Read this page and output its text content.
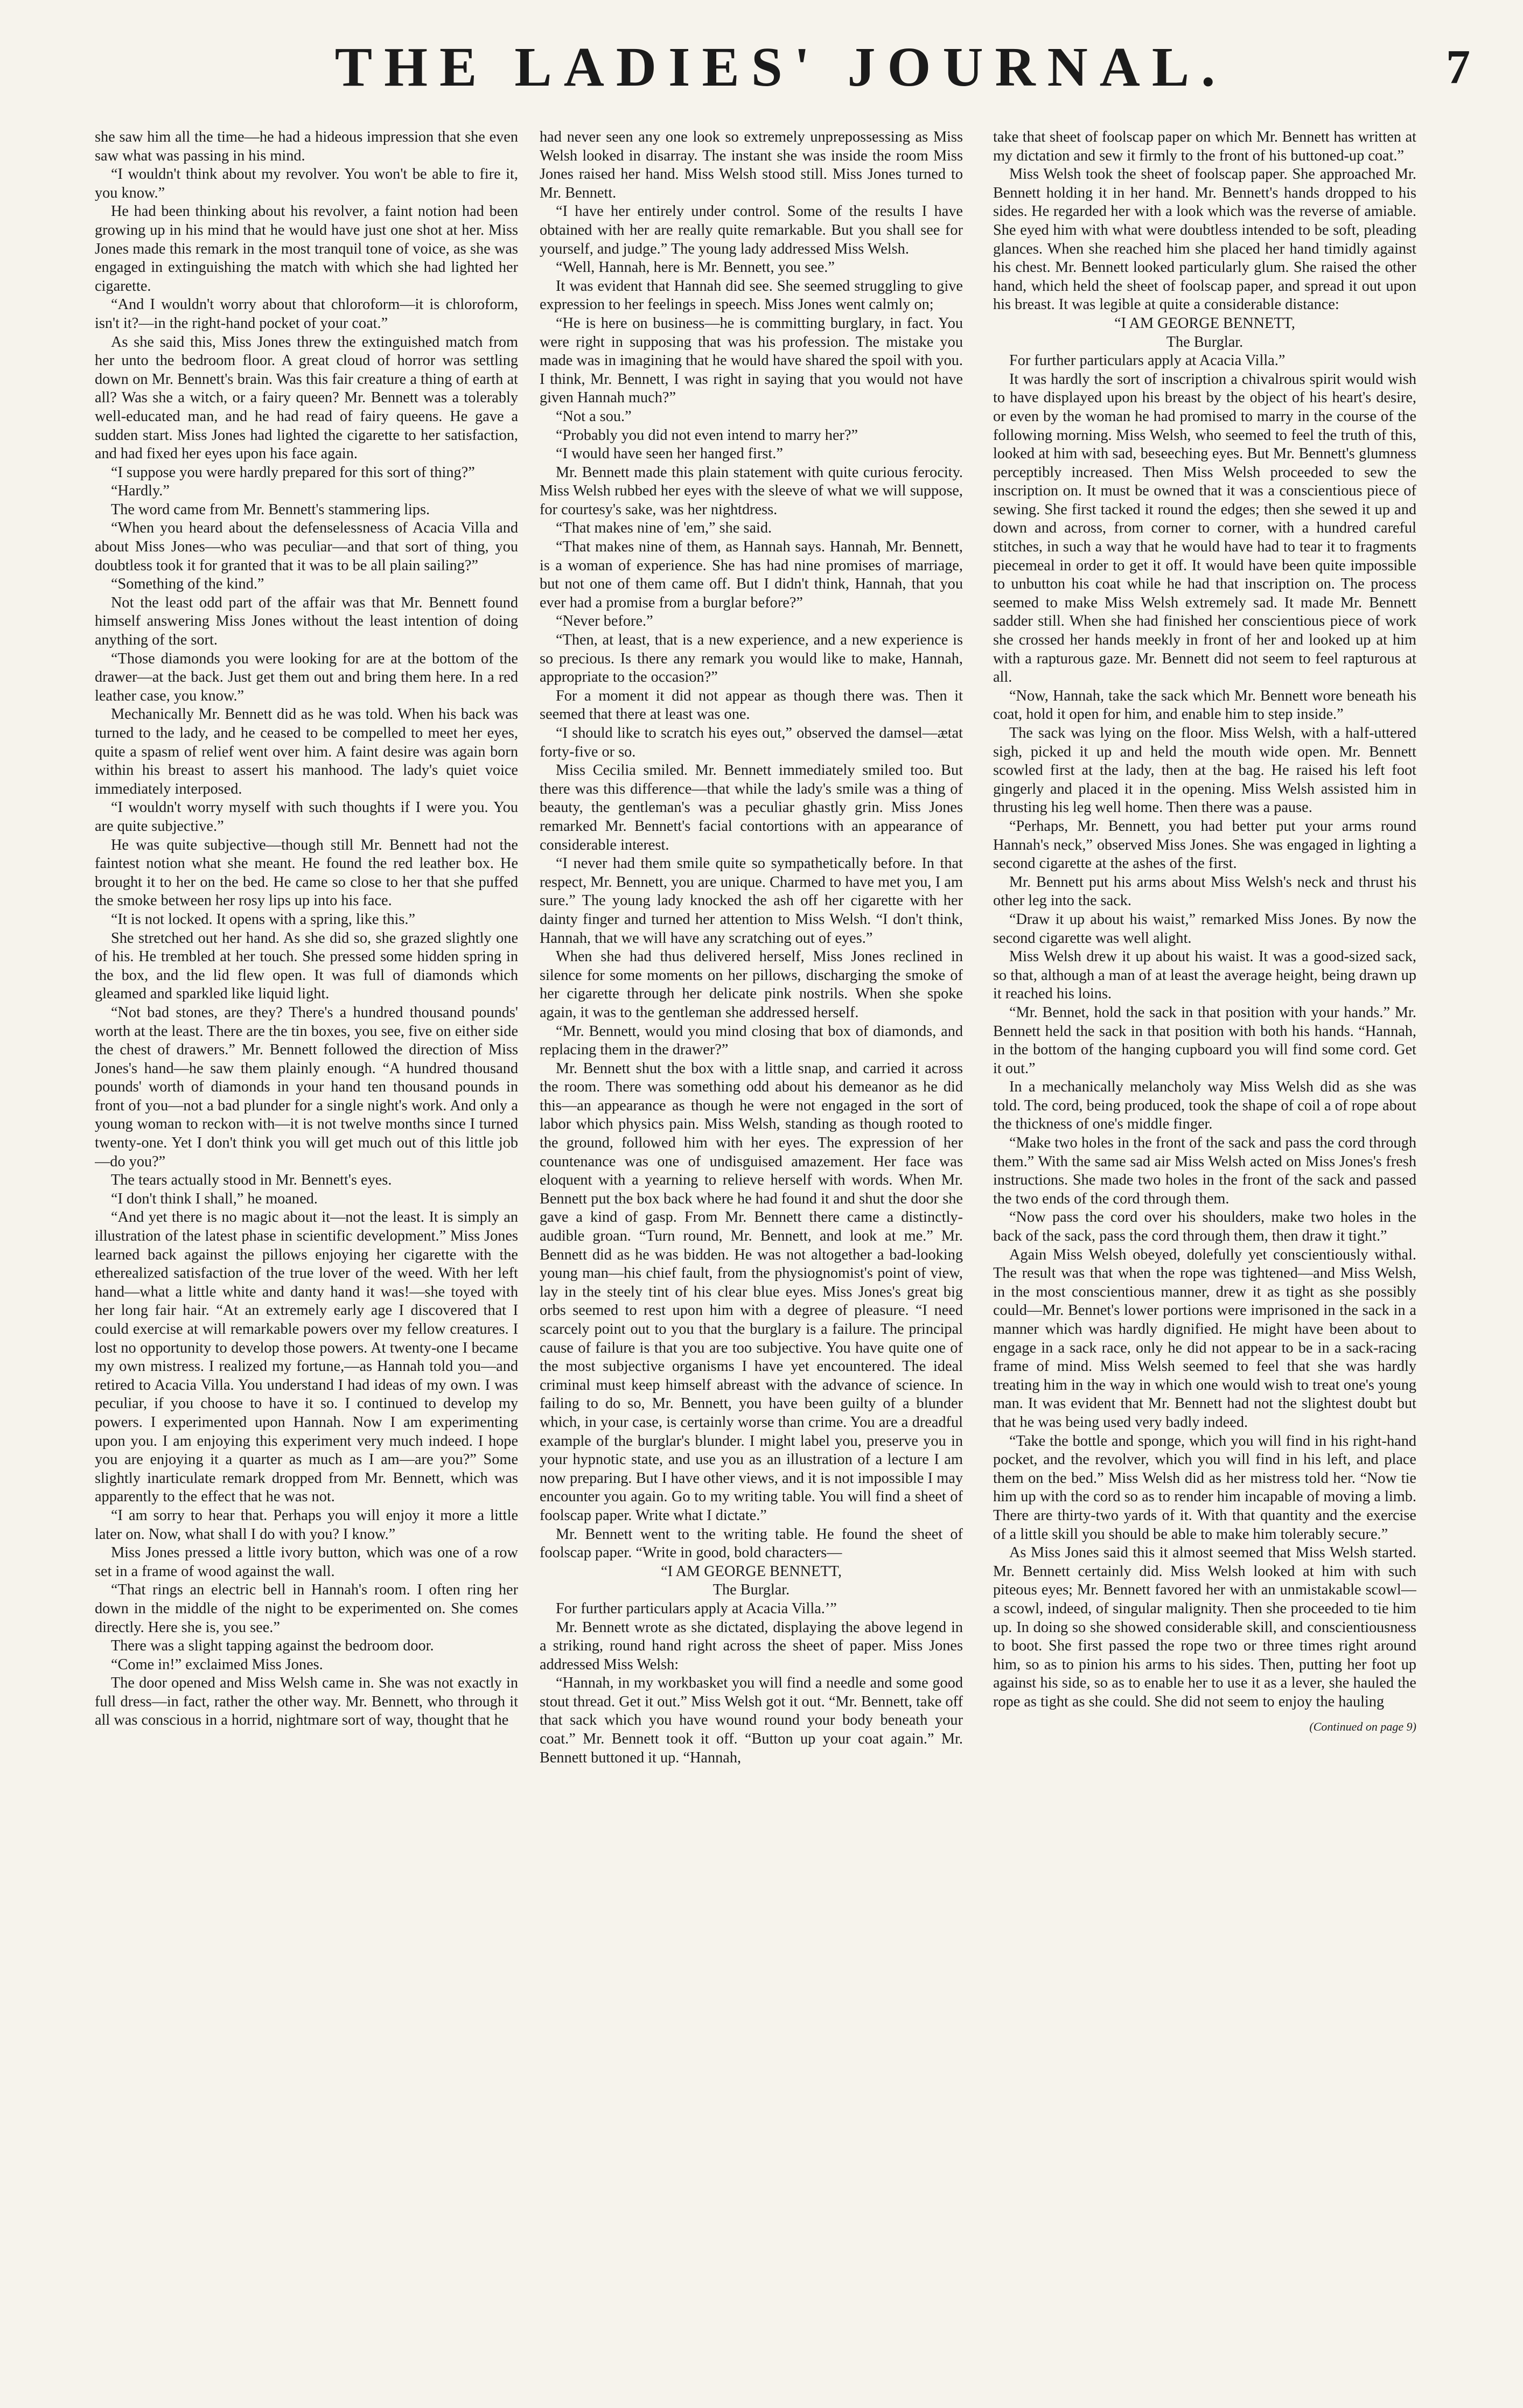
THE LADIES' JOURNAL.	7

she saw him all the time—he had a hideous impression that she even saw what was passing in his mind.

“I wouldn't think about my revolver. You won't be able to fire it, you know.”

He had been thinking about his revolver, a faint notion had been growing up in his mind that he would have just one shot at her. Miss Jones made this remark in the most tranquil tone of voice, as she was engaged in extinguishing the match with which she had lighted her cigarette.

“And I wouldn't worry about that chloroform—it is chloroform, isn't it?—in the right-hand pocket of your coat.”

As she said this, Miss Jones threw the extinguished match from her unto the bedroom floor. A great cloud of horror was settling down on Mr. Bennett's brain. Was this fair creature a thing of earth at all? Was she a witch, or a fairy queen? Mr. Bennett was a tolerably well-educated man, and he had read of fairy queens. He gave a sudden start. Miss Jones had lighted the cigarette to her satisfaction, and had fixed her eyes upon his face again.

“I suppose you were hardly prepared for this sort of thing?”

“Hardly.”

The word came from Mr. Bennett's stammering lips.

“When you heard about the defenselessness of Acacia Villa and about Miss Jones—who was peculiar—and that sort of thing, you doubtless took it for granted that it was to be all plain sailing?”

“Something of the kind.”

Not the least odd part of the affair was that Mr. Bennett found himself answering Miss Jones without the least intention of doing anything of the sort.

“Those diamonds you were looking for are at the bottom of the drawer—at the back. Just get them out and bring them here. In a red leather case, you know.”

Mechanically Mr. Bennett did as he was told. When his back was turned to the lady, and he ceased to be compelled to meet her eyes, quite a spasm of relief went over him. A faint desire was again born within his breast to assert his manhood. The lady's quiet voice immediately interposed.

“I wouldn't worry myself with such thoughts if I were you. You are quite subjective.”

He was quite subjective—though still Mr. Bennett had not the faintest notion what she meant. He found the red leather box. He brought it to her on the bed. He came so close to her that she puffed the smoke between her rosy lips up into his face.

“It is not locked. It opens with a spring, like this.”

She stretched out her hand. As she did so, she grazed slightly one of his. He trembled at her touch. She pressed some hidden spring in the box, and the lid flew open. It was full of diamonds which gleamed and sparkled like liquid light.

“Not bad stones, are they? There's a hundred thousand pounds' worth at the least. There are the tin boxes, you see, five on either side the chest of drawers.” Mr. Bennett followed the direction of Miss Jones's hand—he saw them plainly enough. “A hundred thousand pounds' worth of diamonds in your hand ten thousand pounds in front of you—not a bad plunder for a single night's work. And only a young woman to reckon with—it is not twelve months since I turned twenty-one. Yet I don't think you will get much out of this little job—do you?”

The tears actually stood in Mr. Bennett's eyes.

“I don't think I shall,” he moaned.

“And yet there is no magic about it—not the least. It is simply an illustration of the latest phase in scientific development.” Miss Jones learned back against the pillows enjoying her cigarette with the etherealized satisfaction of the true lover of the weed. With her left hand—what a little white and danty hand it was!—she toyed with her long fair hair. “At an extremely early age I discovered that I could exercise at will remarkable powers over my fellow creatures. I lost no opportunity to develop those powers. At twenty-one I became my own mistress. I realized my fortune,—as Hannah told you—and retired to Acacia Villa. You understand I had ideas of my own. I was peculiar, if you choose to have it so. I continued to develop my powers. I experimented upon Hannah. Now I am experimenting upon you. I am enjoying this experiment very much indeed. I hope you are enjoying it a quarter as much as I am—are you?” Some slightly inarticulate remark dropped from Mr. Bennett, which was apparently to the effect that he was not.

“I am sorry to hear that. Perhaps you will enjoy it more a little later on. Now, what shall I do with you? I know.”

Miss Jones pressed a little ivory button, which was one of a row set in a frame of wood against the wall.

“That rings an electric bell in Hannah's room. I often ring her down in the middle of the night to be experimented on. She comes directly. Here she is, you see.”

There was a slight tapping against the bedroom door.

“Come in!” exclaimed Miss Jones.

The door opened and Miss Welsh came in. She was not exactly in full dress—in fact, rather the other way. Mr. Bennett, who through it all was conscious in a horrid, nightmare sort of way, thought that he

had never seen any one look so extremely unprepossessing as Miss Welsh looked in disarray. The instant she was inside the room Miss Jones raised her hand. Miss Welsh stood still. Miss Jones turned to Mr. Bennett.

“I have her entirely under control. Some of the results I have obtained with her are really quite remarkable. But you shall see for yourself, and judge.” The young lady addressed Miss Welsh.

“Well, Hannah, here is Mr. Bennett, you see.”

It was evident that Hannah did see. She seemed struggling to give expression to her feelings in speech. Miss Jones went calmly on;

“He is here on business—he is committing burglary, in fact. You were right in supposing that was his profession. The mistake you made was in imagining that he would have shared the spoil with you. I think, Mr. Bennett, I was right in saying that you would not have given Hannah much?”

“Not a sou.”

“Probably you did not even intend to marry her?”

“I would have seen her hanged first.”

Mr. Bennett made this plain statement with quite curious ferocity. Miss Welsh rubbed her eyes with the sleeve of what we will suppose, for courtesy's sake, was her nightdress.

“That makes nine of 'em,” she said.

“That makes nine of them, as Hannah says. Hannah, Mr. Bennett, is a woman of experience. She has had nine promises of marriage, but not one of them came off. But I didn't think, Hannah, that you ever had a promise from a burglar before?”

“Never before.”

“Then, at least, that is a new experience, and a new experience is so precious. Is there any remark you would like to make, Hannah, appropriate to the occasion?”

For a moment it did not appear as though there was. Then it seemed that there at least was one.

“I should like to scratch his eyes out,” observed the damsel—ætat forty-five or so.

Miss Cecilia smiled. Mr. Bennett immediately smiled too. But there was this difference—that while the lady's smile was a thing of beauty, the gentleman's was a peculiar ghastly grin. Miss Jones remarked Mr. Bennett's facial contortions with an appearance of considerable interest.

“I never had them smile quite so sympathetically before. In that respect, Mr. Bennett, you are unique. Charmed to have met you, I am sure.” The young lady knocked the ash off her cigarette with her dainty finger and turned her attention to Miss Welsh. “I don't think, Hannah, that we will have any scratching out of eyes.”

When she had thus delivered herself, Miss Jones reclined in silence for some moments on her pillows, discharging the smoke of her cigarette through her delicate pink nostrils. When she spoke again, it was to the gentleman she addressed herself.

“Mr. Bennett, would you mind closing that box of diamonds, and replacing them in the drawer?”

Mr. Bennett shut the box with a little snap, and carried it across the room. There was something odd about his demeanor as he did this—an appearance as though he were not engaged in the sort of labor which physics pain. Miss Welsh, standing as though rooted to the ground, followed him with her eyes. The expression of her countenance was one of undisguised amazement. Her face was eloquent with a yearning to relieve herself with words. When Mr. Bennett put the box back where he had found it and shut the door she gave a kind of gasp. From Mr. Bennett there came a distinctly-audible groan. “Turn round, Mr. Bennett, and look at me.” Mr. Bennett did as he was bidden. He was not altogether a bad-looking young man—his chief fault, from the physiognomist's point of view, lay in the steely tint of his clear blue eyes. Miss Jones's great big orbs seemed to rest upon him with a degree of pleasure. “I need scarcely point out to you that the burglary is a failure. The principal cause of failure is that you are too subjective. You have quite one of the most subjective organisms I have yet encountered. The ideal criminal must keep himself abreast with the advance of science. In failing to do so, Mr. Bennett, you have been guilty of a blunder which, in your case, is certainly worse than crime. You are a dreadful example of the burglar's blunder. I might label you, preserve you in your hypnotic state, and use you as an illustration of a lecture I am now preparing. But I have other views, and it is not impossible I may encounter you again. Go to my writing table. You will find a sheet of foolscap paper. Write what I dictate.”

Mr. Bennett went to the writing table. He found the sheet of foolscap paper. “Write in good, bold characters—

“I AM GEORGE BENNETT,

The Burglar.

For further particulars apply at Acacia Villa.’”

Mr. Bennett wrote as she dictated, displaying the above legend in a striking, round hand right across the sheet of paper. Miss Jones addressed Miss Welsh:

“Hannah, in my workbasket you will find a needle and some good stout thread. Get it out.” Miss Welsh got it out. “Mr. Bennett, take off that sack which you have wound round your body beneath your coat.” Mr. Bennett took it off. “Button up your coat again.” Mr. Bennett buttoned it up. “Hannah,

take that sheet of foolscap paper on which Mr. Bennett has written at my dictation and sew it firmly to the front of his buttoned-up coat.”

Miss Welsh took the sheet of foolscap paper. She approached Mr. Bennett holding it in her hand. Mr. Bennett's hands dropped to his sides. He regarded her with a look which was the reverse of amiable. She eyed him with what were doubtless intended to be soft, pleading glances. When she reached him she placed her hand timidly against his chest. Mr. Bennett looked particularly glum. She raised the other hand, which held the sheet of foolscap paper, and spread it out upon his breast. It was legible at quite a considerable distance:

“I AM GEORGE BENNETT,

The Burglar.

For further particulars apply at Acacia Villa.”

It was hardly the sort of inscription a chivalrous spirit would wish to have displayed upon his breast by the object of his heart's desire, or even by the woman he had promised to marry in the course of the following morning. Miss Welsh, who seemed to feel the truth of this, looked at him with sad, beseeching eyes. But Mr. Bennett's glumness perceptibly increased. Then Miss Welsh proceeded to sew the inscription on. It must be owned that it was a conscientious piece of sewing. She first tacked it round the edges; then she sewed it up and down and across, from corner to corner, with a hundred careful stitches, in such a way that he would have had to tear it to fragments piecemeal in order to get it off. It would have been quite impossible to unbutton his coat while he had that inscription on. The process seemed to make Miss Welsh extremely sad. It made Mr. Bennett sadder still. When she had finished her conscientious piece of work she crossed her hands meekly in front of her and looked up at him with a rapturous gaze. Mr. Bennett did not seem to feel rapturous at all.

“Now, Hannah, take the sack which Mr. Bennett wore beneath his coat, hold it open for him, and enable him to step inside.”

The sack was lying on the floor. Miss Welsh, with a half-uttered sigh, picked it up and held the mouth wide open. Mr. Bennett scowled first at the lady, then at the bag. He raised his left foot gingerly and placed it in the opening. Miss Welsh assisted him in thrusting his leg well home. Then there was a pause.

“Perhaps, Mr. Bennett, you had better put your arms round Hannah's neck,” observed Miss Jones. She was engaged in lighting a second cigarette at the ashes of the first.

Mr. Bennett put his arms about Miss Welsh's neck and thrust his other leg into the sack.

“Draw it up about his waist,” remarked Miss Jones. By now the second cigarette was well alight.

Miss Welsh drew it up about his waist. It was a good-sized sack, so that, although a man of at least the average height, being drawn up it reached his loins.

“Mr. Bennet, hold the sack in that position with your hands.” Mr. Bennett held the sack in that position with both his hands. “Hannah, in the bottom of the hanging cupboard you will find some cord. Get it out.”

In a mechanically melancholy way Miss Welsh did as she was told. The cord, being produced, took the shape of coil a of rope about the thickness of one's middle finger.

“Make two holes in the front of the sack and pass the cord through them.” With the same sad air Miss Welsh acted on Miss Jones's fresh instructions. She made two holes in the front of the sack and passed the two ends of the cord through them.

“Now pass the cord over his shoulders, make two holes in the back of the sack, pass the cord through them, then draw it tight.”

Again Miss Welsh obeyed, dolefully yet conscientiously withal. The result was that when the rope was tightened—and Miss Welsh, in the most conscientious manner, drew it as tight as she possibly could—Mr. Bennet's lower portions were imprisoned in the sack in a manner which was hardly dignified. He might have been about to engage in a sack race, only he did not appear to be in a sack-racing frame of mind. Miss Welsh seemed to feel that she was hardly treating him in the way in which one would wish to treat one's young man. It was evident that Mr. Bennett had not the slightest doubt but that he was being used very badly indeed.

“Take the bottle and sponge, which you will find in his right-hand pocket, and the revolver, which you will find in his left, and place them on the bed.” Miss Welsh did as her mistress told her. “Now tie him up with the cord so as to render him incapable of moving a limb. There are thirty-two yards of it. With that quantity and the exercise of a little skill you should be able to make him tolerably secure.”

As Miss Jones said this it almost seemed that Miss Welsh started. Mr. Bennett certainly did. Miss Welsh looked at him with such piteous eyes; Mr. Bennett favored her with an unmistakable scowl—a scowl, indeed, of singular malignity. Then she proceeded to tie him up. In doing so she showed considerable skill, and conscientiousness to boot. She first passed the rope two or three times right around him, so as to pinion his arms to his sides. Then, putting her foot up against his side, so as to enable her to use it as a lever, she hauled the rope as tight as she could. She did not seem to enjoy the hauling

(Continued on page 9)
